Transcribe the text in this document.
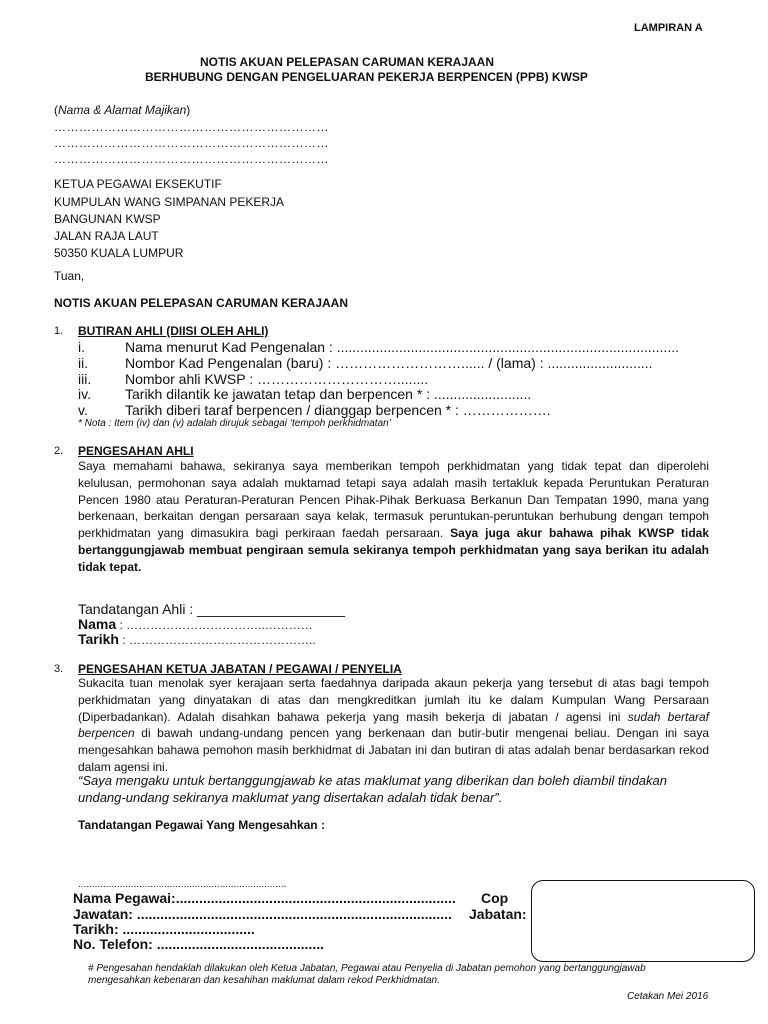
LAMPIRAN A
NOTIS AKUAN PELEPASAN CARUMAN KERAJAAN
BERHUBUNG DENGAN PENGELUARAN PEKERJA BERPENCEN (PPB) KWSP
(Nama & Alamat Majikan)
…………………………………………………………
…………………………………………………………
…………………………………………………………
KETUA PEGAWAI EKSEKUTIF
KUMPULAN WANG SIMPANAN PEKERJA
BANGUNAN KWSP
JALAN RAJA LAUT
50350 KUALA LUMPUR
Tuan,
NOTIS AKUAN PELEPASAN CARUMAN KERAJAAN
1. BUTIRAN AHLI (DIISI OLEH AHLI)
i.	Nama menurut Kad Pengenalan : ........................................................................................
ii.	Nombor Kad Pengenalan (baru) : ………………………...... / (lama) : ...........................
iii. Nombor ahli KWSP : …………………………........
iv. Tarikh dilantik ke jawatan tetap dan berpencen * : .........................
v.	Tarikh diberi taraf berpencen / dianggap berpencen * : ……………….
* Nota : Item (iv) dan (v) adalah dirujuk sebagai ‘tempoh perkhidmatan’
2. PENGESAHAN AHLI
Saya memahami bahawa, sekiranya saya memberikan tempoh perkhidmatan yang tidak tepat dan diperolehi kelulusan, permohonan saya adalah muktamad tetapi saya adalah masih tertakluk kepada Peruntukan Peraturan Pencen 1980 atau Peraturan-Peraturan Pencen Pihak-Pihak Berkuasa Berkanun Dan Tempatan 1990, mana yang berkenaan, berkaitan dengan persaraan saya kelak, termasuk peruntukan-peruntukan berhubung dengan tempoh perkhidmatan yang dimasukira bagi perkiraan faedah persaraan. Saya juga akur bahawa pihak KWSP tidak bertanggungjawab membuat pengiraan semula sekiranya tempoh perkhidmatan yang saya berikan itu adalah tidak tepat.
Tandatangan Ahli : ___________________
Nama : ……………………………..…………
Tarikh : ………………………………………..
3. PENGESAHAN KETUA JABATAN / PEGAWAI / PENYELIA
Sukacita tuan menolak syer kerajaan serta faedahnya daripada akaun pekerja yang tersebut di atas bagi tempoh perkhidmatan yang dinyatakan di atas dan mengkreditkan jumlah itu ke dalam Kumpulan Wang Persaraan (Diperbadankan). Adalah disahkan bahawa pekerja yang masih bekerja di jabatan / agensi ini sudah bertaraf berpencen di bawah undang-undang pencen yang berkenaan dan butir-butir mengenai beliau. Dengan ini saya mengesahkan bahawa pemohon masih berkhidmat di Jabatan ini dan butiran di atas adalah benar berdasarkan rekod dalam agensi ini.
“Saya mengaku untuk bertanggungjawab ke atas maklumat yang diberikan dan boleh diambil tindakan undang-undang sekiranya maklumat yang disertakan adalah tidak benar”.
Tandatangan Pegawai Yang Mengesahkan :
...........................................................................
Nama Pegawai:........................................................................ Cop
Jawatan: ................................................................................. Jabatan:
Tarikh: ..................................
No. Telefon: ...........................................
# Pengesahan hendaklah dilakukan oleh Ketua Jabatan, Pegawai atau Penyelia di Jabatan pemohon yang bertanggungjawab mengesahkan kebenaran dan kesahihan maklumat dalam rekod Perkhidmatan.
Cetakan Mei 2016
